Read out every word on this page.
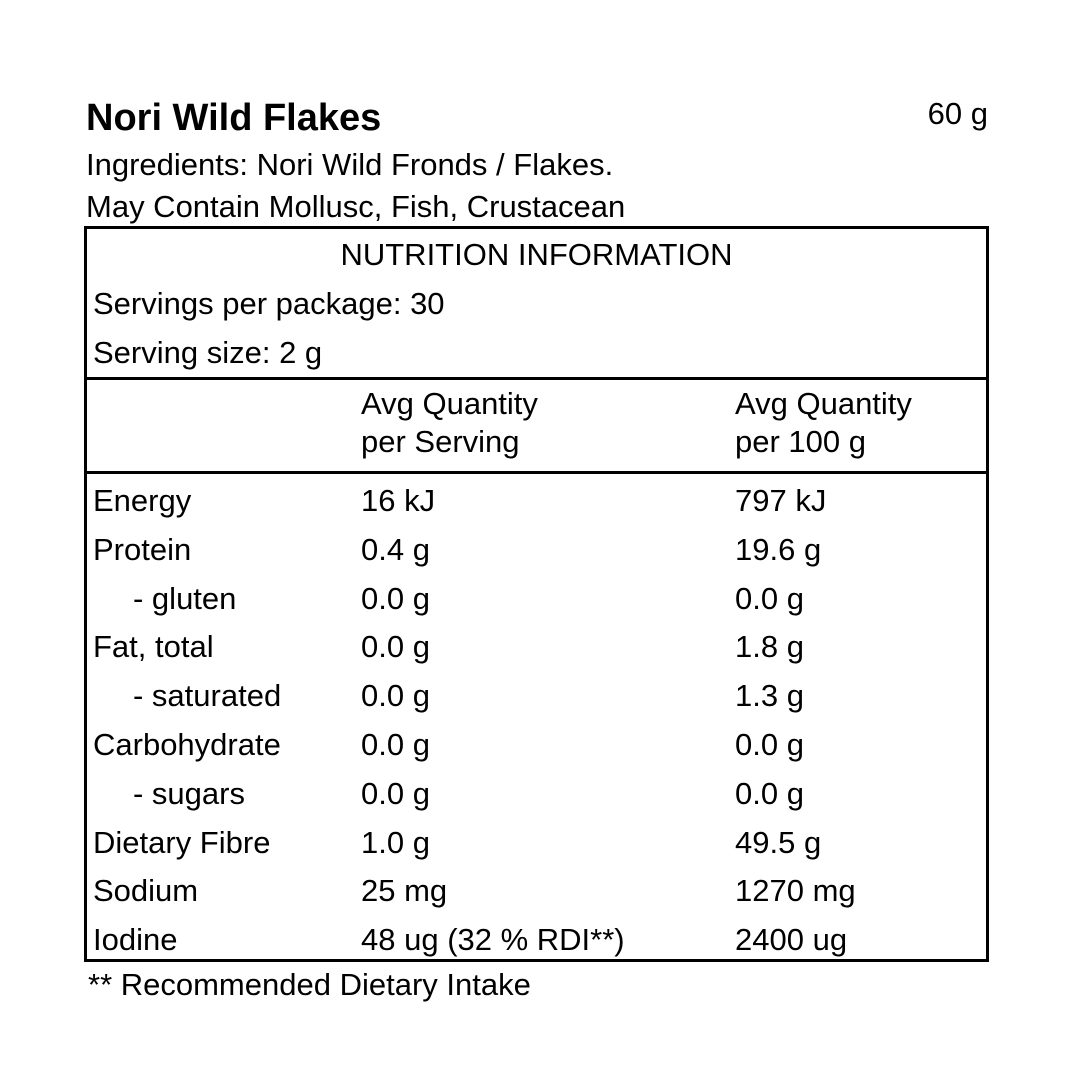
Nori Wild Flakes	60 g
Ingredients: Nori Wild Fronds / Flakes.
May Contain Mollusc, Fish, Crustacean
NUTRITION INFORMATION
Servings per package: 30
Serving size: 2 g
Avg Quantity
per Serving
Avg Quantity
per 100 g
Energy	16 kJ	797 kJ
Protein	0.4 g	19.6 g
- gluten	0.0 g	0.0 g
Fat, total	0.0 g	1.8 g
- saturated	0.0 g	1.3 g
Carbohydrate	0.0 g	0.0 g
- sugars	0.0 g	0.0 g
Dietary Fibre	1.0 g	49.5 g
Sodium	25 mg	1270 mg
Iodine	48 ug (32 % RDI**)	2400 ug
** Recommended Dietary Intake
